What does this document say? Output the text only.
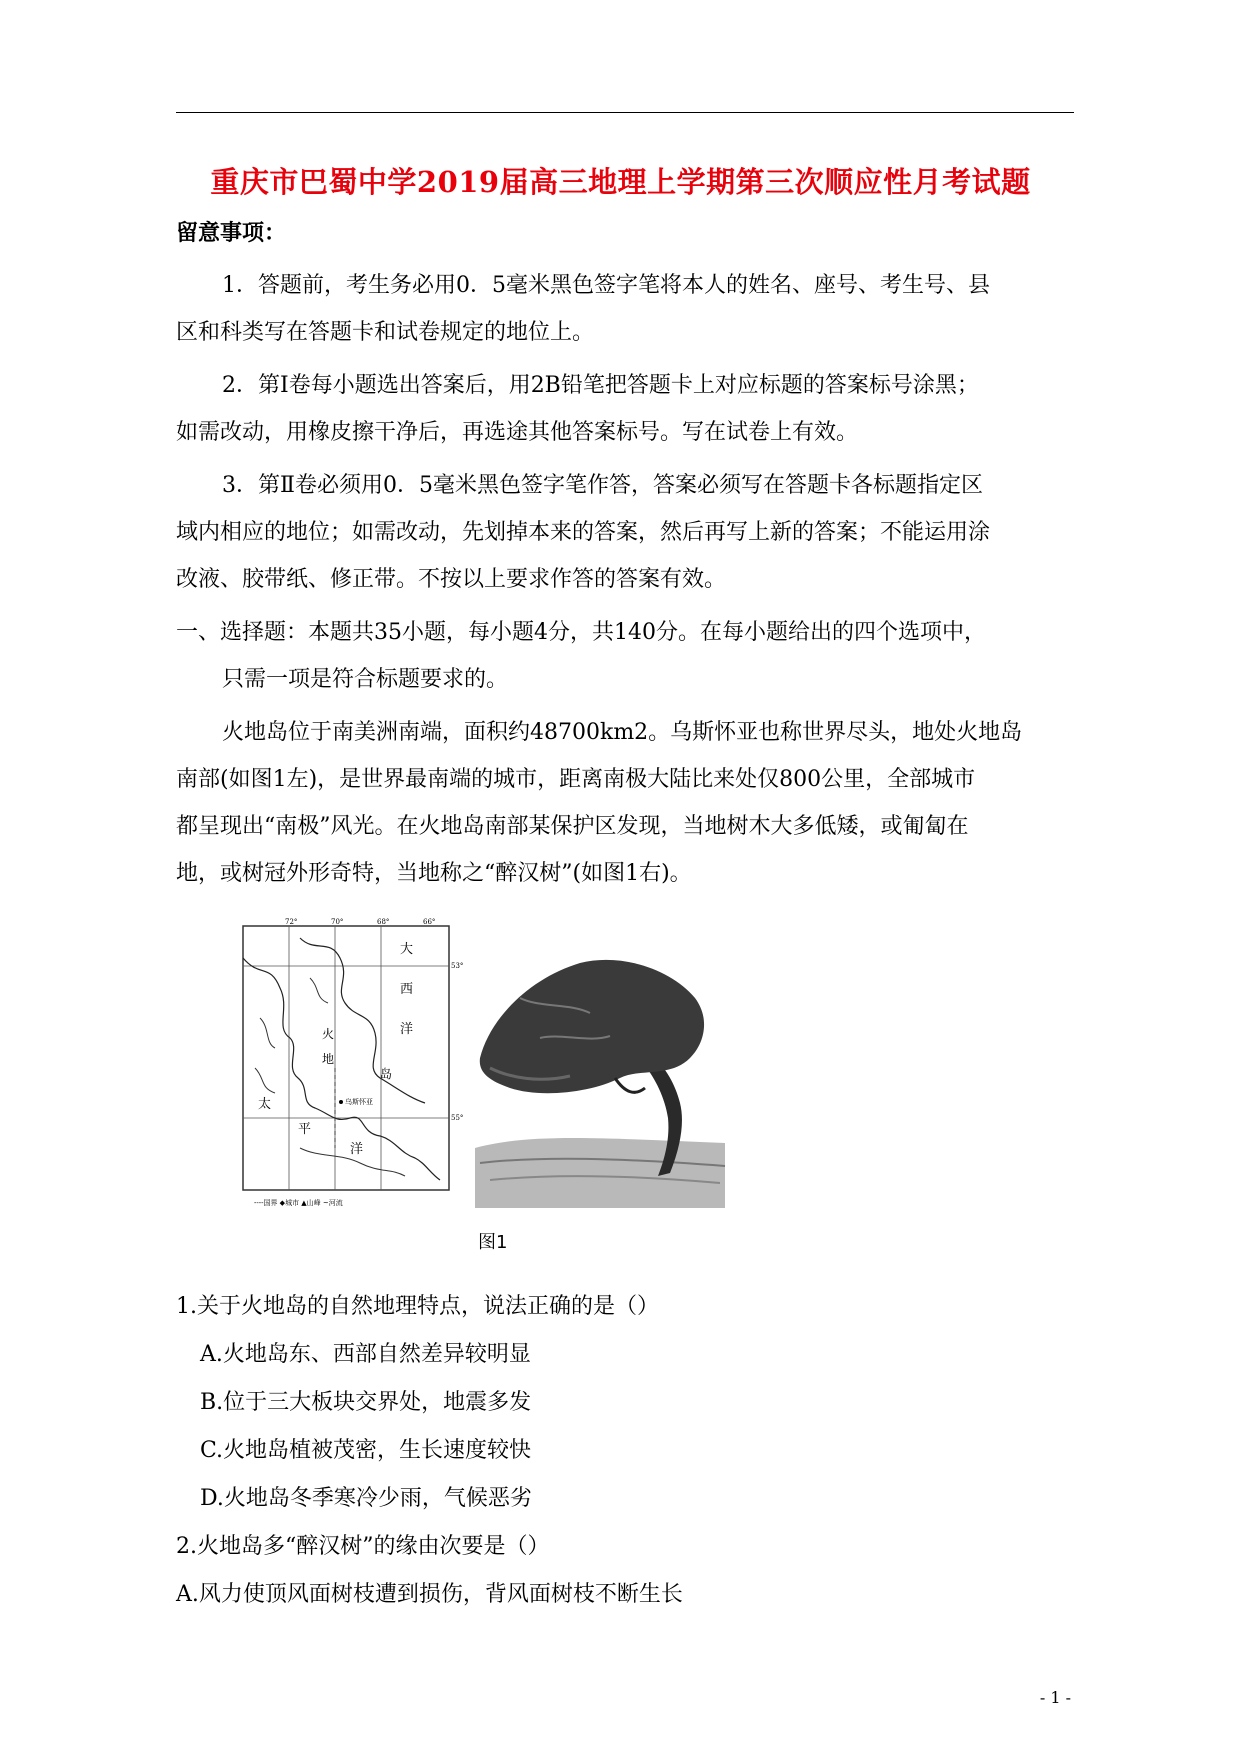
重庆市巴蜀中学2019届高三地理上学期第三次顺应性月考试题
留意事项：
1．答题前，考生务必用0．5毫米黑色签字笔将本人的姓名、座号、考生号、县
区和科类写在答题卡和试卷规定的地位上。
2．第Ⅰ卷每小题选出答案后，用2B铅笔把答题卡上对应标题的答案标号涂黑；
如需改动，用橡皮擦干净后，再选途其他答案标号。写在试卷上有效。
3．第Ⅱ卷必须用0．5毫米黑色签字笔作答，答案必须写在答题卡各标题指定区
域内相应的地位；如需改动，先划掉本来的答案，然后再写上新的答案；不能运用涂
改液、胶带纸、修正带。不按以上要求作答的答案有效。
一、选择题：本题共35小题，每小题4分，共140分。在每小题给出的四个选项中，
只需一项是符合标题要求的。
火地岛位于南美洲南端，面积约48700km2。乌斯怀亚也称世界尽头，地处火地岛
南部(如图1左)，是世界最南端的城市，距离南极大陆比来处仅800公里，全部城市
都呈现出“南极”风光。在火地岛南部某保护区发现，当地树木大多低矮，或匍匐在
地，或树冠外形奇特，当地称之“醉汉树”(如图1右)。
72°	70°	68°	66°
53°
55°
大
西
洋
太
平
洋
火
地
岛
乌斯怀亚
----国界 ◆城市 ▲山峰 ~河流
图1
1.关于火地岛的自然地理特点，说法正确的是（）
A.火地岛东、西部自然差异较明显
B.位于三大板块交界处，地震多发
C.火地岛植被茂密，生长速度较快
D.火地岛冬季寒冷少雨，气候恶劣
2.火地岛多“醉汉树”的缘由次要是（）
A.风力使顶风面树枝遭到损伤，背风面树枝不断生长
- 1 -
